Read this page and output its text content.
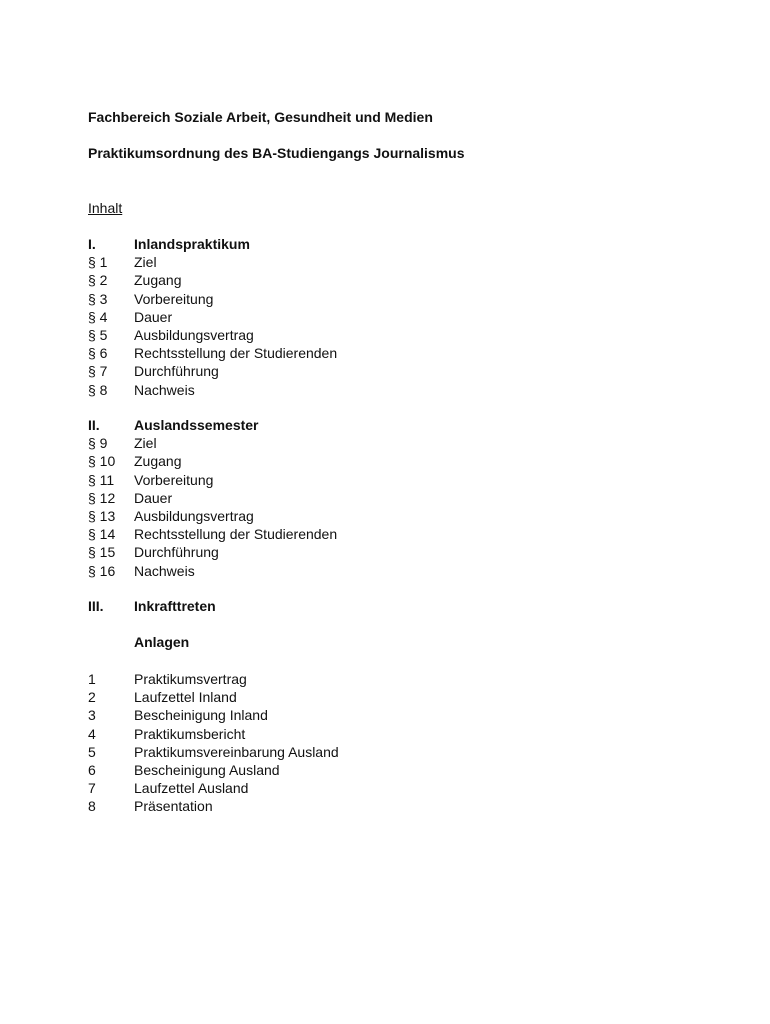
Fachbereich Soziale Arbeit, Gesundheit und Medien
Praktikumsordnung des BA-Studiengangs Journalismus
Inhalt
I.	Inlandspraktikum
§ 1	Ziel
§ 2	Zugang
§ 3	Vorbereitung
§ 4	Dauer
§ 5	Ausbildungsvertrag
§ 6	Rechtsstellung der Studierenden
§ 7	Durchführung
§ 8	Nachweis
II.	Auslandssemester
§ 9	Ziel
§ 10	Zugang
§ 11	Vorbereitung
§ 12	Dauer
§ 13	Ausbildungsvertrag
§ 14	Rechtsstellung der Studierenden
§ 15	Durchführung
§ 16	Nachweis
III.	Inkrafttreten
Anlagen
1	Praktikumsvertrag
2	Laufzettel Inland
3	Bescheinigung Inland
4	Praktikumsbericht
5	Praktikumsvereinbarung Ausland
6	Bescheinigung Ausland
7	Laufzettel Ausland
8	Präsentation
